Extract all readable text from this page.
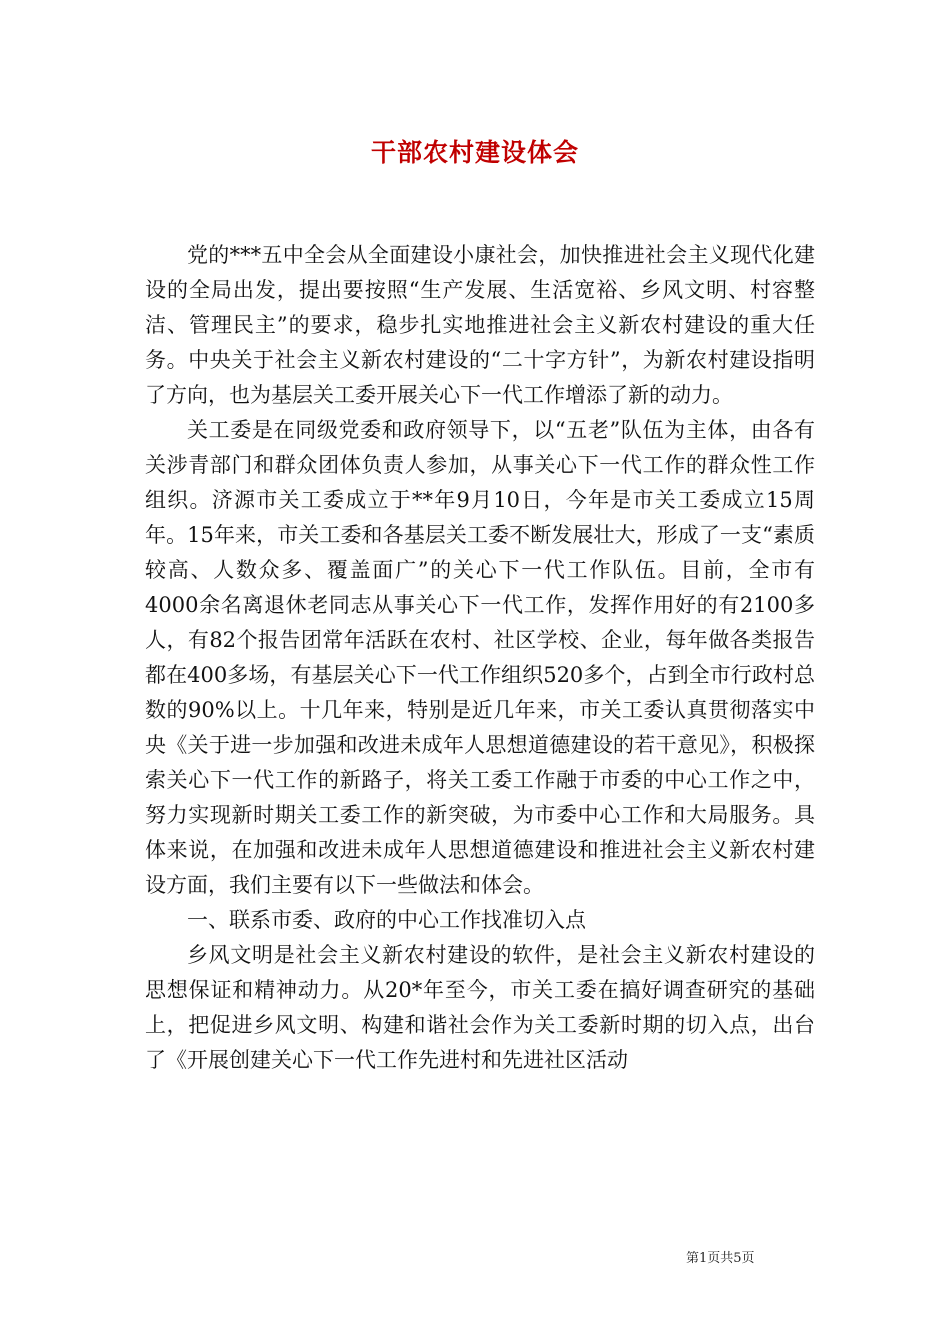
干部农村建设体会

党的***五中全会从全面建设小康社会，加快推进社会主义现代化建设的全局出发，提出要按照“生产发展、生活宽裕、乡风文明、村容整洁、管理民主”的要求，稳步扎实地推进社会主义新农村建设的重大任务。中央关于社会主义新农村建设的“二十字方针”，为新农村建设指明了方向，也为基层关工委开展关心下一代工作增添了新的动力。

关工委是在同级党委和政府领导下，以“五老”队伍为主体，由各有关涉青部门和群众团体负责人参加，从事关心下一代工作的群众性工作组织。济源市关工委成立于**年9月10日，今年是市关工委成立15周年。15年来，市关工委和各基层关工委不断发展壮大，形成了一支“素质较高、人数众多、覆盖面广”的关心下一代工作队伍。目前，全市有4000余名离退休老同志从事关心下一代工作，发挥作用好的有2100多人，有82个报告团常年活跃在农村、社区学校、企业，每年做各类报告都在400多场，有基层关心下一代工作组织520多个，占到全市行政村总数的90%以上。十几年来，特别是近几年来，市关工委认真贯彻落实中央《关于进一步加强和改进未成年人思想道德建设的若干意见》，积极探索关心下一代工作的新路子，将关工委工作融于市委的中心工作之中，努力实现新时期关工委工作的新突破，为市委中心工作和大局服务。具体来说，在加强和改进未成年人思想道德建设和推进社会主义新农村建设方面，我们主要有以下一些做法和体会。

一、联系市委、政府的中心工作找准切入点

乡风文明是社会主义新农村建设的软件，是社会主义新农村建设的思想保证和精神动力。从20*年至今，市关工委在搞好调查研究的基础上，把促进乡风文明、构建和谐社会作为关工委新时期的切入点，出台了《开展创建关心下一代工作先进村和先进社区活动

第1页共5页
